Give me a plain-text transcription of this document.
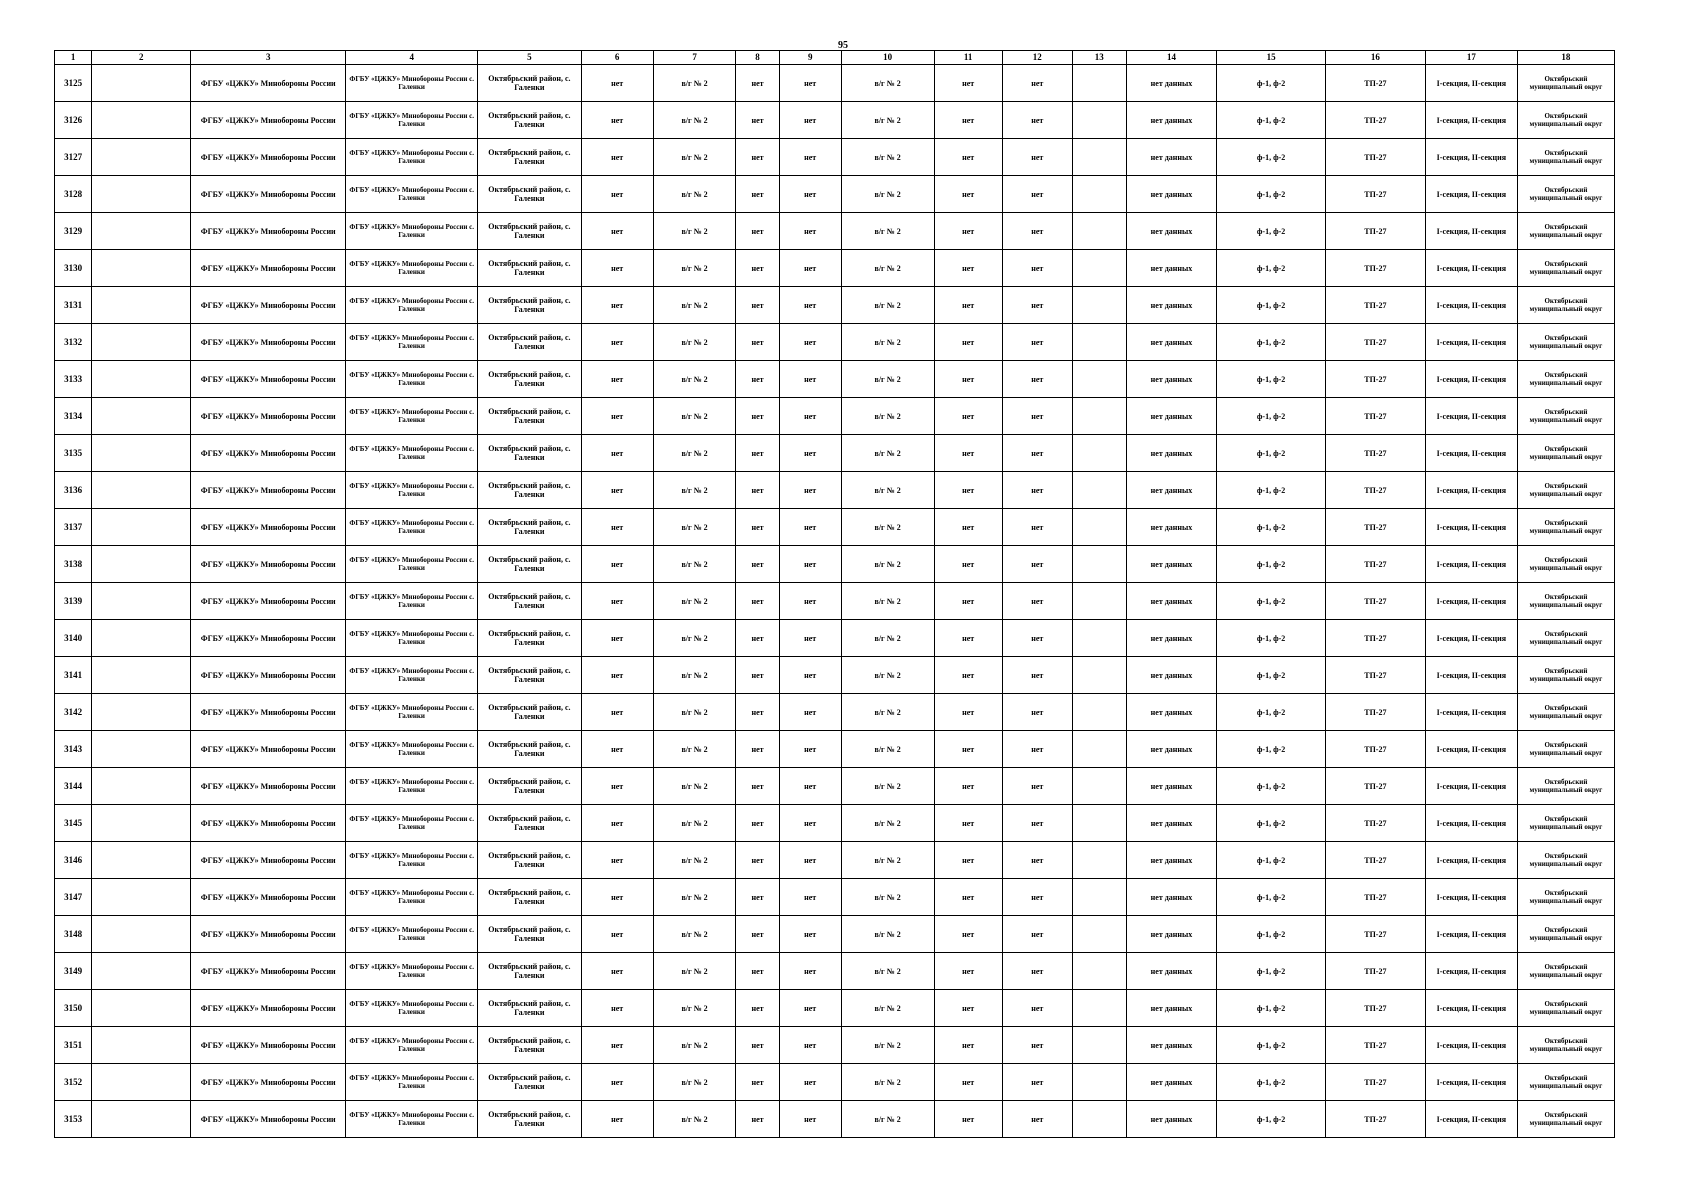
95
1	2	3	4	5	6	7	8	9	10	11	12	13	14	15	16	17	18
3125		ФГБУ «ЦЖКУ» Минобороны России	ФГБУ «ЦЖКУ» Минобороны России с. Галенки	Октябрьский район, с. Галенки	нет	в/г № 2	нет	нет	в/г № 2	нет	нет		нет данных	ф-1, ф-2	ТП-27	I-секция, II-секция	Октябрьский муниципальный округ
3126		ФГБУ «ЦЖКУ» Минобороны России	ФГБУ «ЦЖКУ» Минобороны России с. Галенки	Октябрьский район, с. Галенки	нет	в/г № 2	нет	нет	в/г № 2	нет	нет		нет данных	ф-1, ф-2	ТП-27	I-секция, II-секция	Октябрьский муниципальный округ
3127		ФГБУ «ЦЖКУ» Минобороны России	ФГБУ «ЦЖКУ» Минобороны России с. Галенки	Октябрьский район, с. Галенки	нет	в/г № 2	нет	нет	в/г № 2	нет	нет		нет данных	ф-1, ф-2	ТП-27	I-секция, II-секция	Октябрьский муниципальный округ
3128		ФГБУ «ЦЖКУ» Минобороны России	ФГБУ «ЦЖКУ» Минобороны России с. Галенки	Октябрьский район, с. Галенки	нет	в/г № 2	нет	нет	в/г № 2	нет	нет		нет данных	ф-1, ф-2	ТП-27	I-секция, II-секция	Октябрьский муниципальный округ
3129		ФГБУ «ЦЖКУ» Минобороны России	ФГБУ «ЦЖКУ» Минобороны России с. Галенки	Октябрьский район, с. Галенки	нет	в/г № 2	нет	нет	в/г № 2	нет	нет		нет данных	ф-1, ф-2	ТП-27	I-секция, II-секция	Октябрьский муниципальный округ
3130		ФГБУ «ЦЖКУ» Минобороны России	ФГБУ «ЦЖКУ» Минобороны России с. Галенки	Октябрьский район, с. Галенки	нет	в/г № 2	нет	нет	в/г № 2	нет	нет		нет данных	ф-1, ф-2	ТП-27	I-секция, II-секция	Октябрьский муниципальный округ
3131		ФГБУ «ЦЖКУ» Минобороны России	ФГБУ «ЦЖКУ» Минобороны России с. Галенки	Октябрьский район, с. Галенки	нет	в/г № 2	нет	нет	в/г № 2	нет	нет		нет данных	ф-1, ф-2	ТП-27	I-секция, II-секция	Октябрьский муниципальный округ
3132		ФГБУ «ЦЖКУ» Минобороны России	ФГБУ «ЦЖКУ» Минобороны России с. Галенки	Октябрьский район, с. Галенки	нет	в/г № 2	нет	нет	в/г № 2	нет	нет		нет данных	ф-1, ф-2	ТП-27	I-секция, II-секция	Октябрьский муниципальный округ
3133		ФГБУ «ЦЖКУ» Минобороны России	ФГБУ «ЦЖКУ» Минобороны России с. Галенки	Октябрьский район, с. Галенки	нет	в/г № 2	нет	нет	в/г № 2	нет	нет		нет данных	ф-1, ф-2	ТП-27	I-секция, II-секция	Октябрьский муниципальный округ
3134		ФГБУ «ЦЖКУ» Минобороны России	ФГБУ «ЦЖКУ» Минобороны России с. Галенки	Октябрьский район, с. Галенки	нет	в/г № 2	нет	нет	в/г № 2	нет	нет		нет данных	ф-1, ф-2	ТП-27	I-секция, II-секция	Октябрьский муниципальный округ
3135		ФГБУ «ЦЖКУ» Минобороны России	ФГБУ «ЦЖКУ» Минобороны России с. Галенки	Октябрьский район, с. Галенки	нет	в/г № 2	нет	нет	в/г № 2	нет	нет		нет данных	ф-1, ф-2	ТП-27	I-секция, II-секция	Октябрьский муниципальный округ
3136		ФГБУ «ЦЖКУ» Минобороны России	ФГБУ «ЦЖКУ» Минобороны России с. Галенки	Октябрьский район, с. Галенки	нет	в/г № 2	нет	нет	в/г № 2	нет	нет		нет данных	ф-1, ф-2	ТП-27	I-секция, II-секция	Октябрьский муниципальный округ
3137		ФГБУ «ЦЖКУ» Минобороны России	ФГБУ «ЦЖКУ» Минобороны России с. Галенки	Октябрьский район, с. Галенки	нет	в/г № 2	нет	нет	в/г № 2	нет	нет		нет данных	ф-1, ф-2	ТП-27	I-секция, II-секция	Октябрьский муниципальный округ
3138		ФГБУ «ЦЖКУ» Минобороны России	ФГБУ «ЦЖКУ» Минобороны России с. Галенки	Октябрьский район, с. Галенки	нет	в/г № 2	нет	нет	в/г № 2	нет	нет		нет данных	ф-1, ф-2	ТП-27	I-секция, II-секция	Октябрьский муниципальный округ
3139		ФГБУ «ЦЖКУ» Минобороны России	ФГБУ «ЦЖКУ» Минобороны России с. Галенки	Октябрьский район, с. Галенки	нет	в/г № 2	нет	нет	в/г № 2	нет	нет		нет данных	ф-1, ф-2	ТП-27	I-секция, II-секция	Октябрьский муниципальный округ
3140		ФГБУ «ЦЖКУ» Минобороны России	ФГБУ «ЦЖКУ» Минобороны России с. Галенки	Октябрьский район, с. Галенки	нет	в/г № 2	нет	нет	в/г № 2	нет	нет		нет данных	ф-1, ф-2	ТП-27	I-секция, II-секция	Октябрьский муниципальный округ
3141		ФГБУ «ЦЖКУ» Минобороны России	ФГБУ «ЦЖКУ» Минобороны России с. Галенки	Октябрьский район, с. Галенки	нет	в/г № 2	нет	нет	в/г № 2	нет	нет		нет данных	ф-1, ф-2	ТП-27	I-секция, II-секция	Октябрьский муниципальный округ
3142		ФГБУ «ЦЖКУ» Минобороны России	ФГБУ «ЦЖКУ» Минобороны России с. Галенки	Октябрьский район, с. Галенки	нет	в/г № 2	нет	нет	в/г № 2	нет	нет		нет данных	ф-1, ф-2	ТП-27	I-секция, II-секция	Октябрьский муниципальный округ
3143		ФГБУ «ЦЖКУ» Минобороны России	ФГБУ «ЦЖКУ» Минобороны России с. Галенки	Октябрьский район, с. Галенки	нет	в/г № 2	нет	нет	в/г № 2	нет	нет		нет данных	ф-1, ф-2	ТП-27	I-секция, II-секция	Октябрьский муниципальный округ
3144		ФГБУ «ЦЖКУ» Минобороны России	ФГБУ «ЦЖКУ» Минобороны России с. Галенки	Октябрьский район, с. Галенки	нет	в/г № 2	нет	нет	в/г № 2	нет	нет		нет данных	ф-1, ф-2	ТП-27	I-секция, II-секция	Октябрьский муниципальный округ
3145		ФГБУ «ЦЖКУ» Минобороны России	ФГБУ «ЦЖКУ» Минобороны России с. Галенки	Октябрьский район, с. Галенки	нет	в/г № 2	нет	нет	в/г № 2	нет	нет		нет данных	ф-1, ф-2	ТП-27	I-секция, II-секция	Октябрьский муниципальный округ
3146		ФГБУ «ЦЖКУ» Минобороны России	ФГБУ «ЦЖКУ» Минобороны России с. Галенки	Октябрьский район, с. Галенки	нет	в/г № 2	нет	нет	в/г № 2	нет	нет		нет данных	ф-1, ф-2	ТП-27	I-секция, II-секция	Октябрьский муниципальный округ
3147		ФГБУ «ЦЖКУ» Минобороны России	ФГБУ «ЦЖКУ» Минобороны России с. Галенки	Октябрьский район, с. Галенки	нет	в/г № 2	нет	нет	в/г № 2	нет	нет		нет данных	ф-1, ф-2	ТП-27	I-секция, II-секция	Октябрьский муниципальный округ
3148		ФГБУ «ЦЖКУ» Минобороны России	ФГБУ «ЦЖКУ» Минобороны России с. Галенки	Октябрьский район, с. Галенки	нет	в/г № 2	нет	нет	в/г № 2	нет	нет		нет данных	ф-1, ф-2	ТП-27	I-секция, II-секция	Октябрьский муниципальный округ
3149		ФГБУ «ЦЖКУ» Минобороны России	ФГБУ «ЦЖКУ» Минобороны России с. Галенки	Октябрьский район, с. Галенки	нет	в/г № 2	нет	нет	в/г № 2	нет	нет		нет данных	ф-1, ф-2	ТП-27	I-секция, II-секция	Октябрьский муниципальный округ
3150		ФГБУ «ЦЖКУ» Минобороны России	ФГБУ «ЦЖКУ» Минобороны России с. Галенки	Октябрьский район, с. Галенки	нет	в/г № 2	нет	нет	в/г № 2	нет	нет		нет данных	ф-1, ф-2	ТП-27	I-секция, II-секция	Октябрьский муниципальный округ
3151		ФГБУ «ЦЖКУ» Минобороны России	ФГБУ «ЦЖКУ» Минобороны России с. Галенки	Октябрьский район, с. Галенки	нет	в/г № 2	нет	нет	в/г № 2	нет	нет		нет данных	ф-1, ф-2	ТП-27	I-секция, II-секция	Октябрьский муниципальный округ
3152		ФГБУ «ЦЖКУ» Минобороны России	ФГБУ «ЦЖКУ» Минобороны России с. Галенки	Октябрьский район, с. Галенки	нет	в/г № 2	нет	нет	в/г № 2	нет	нет		нет данных	ф-1, ф-2	ТП-27	I-секция, II-секция	Октябрьский муниципальный округ
3153		ФГБУ «ЦЖКУ» Минобороны России	ФГБУ «ЦЖКУ» Минобороны России с. Галенки	Октябрьский район, с. Галенки	нет	в/г № 2	нет	нет	в/г № 2	нет	нет		нет данных	ф-1, ф-2	ТП-27	I-секция, II-секция	Октябрьский муниципальный округ
